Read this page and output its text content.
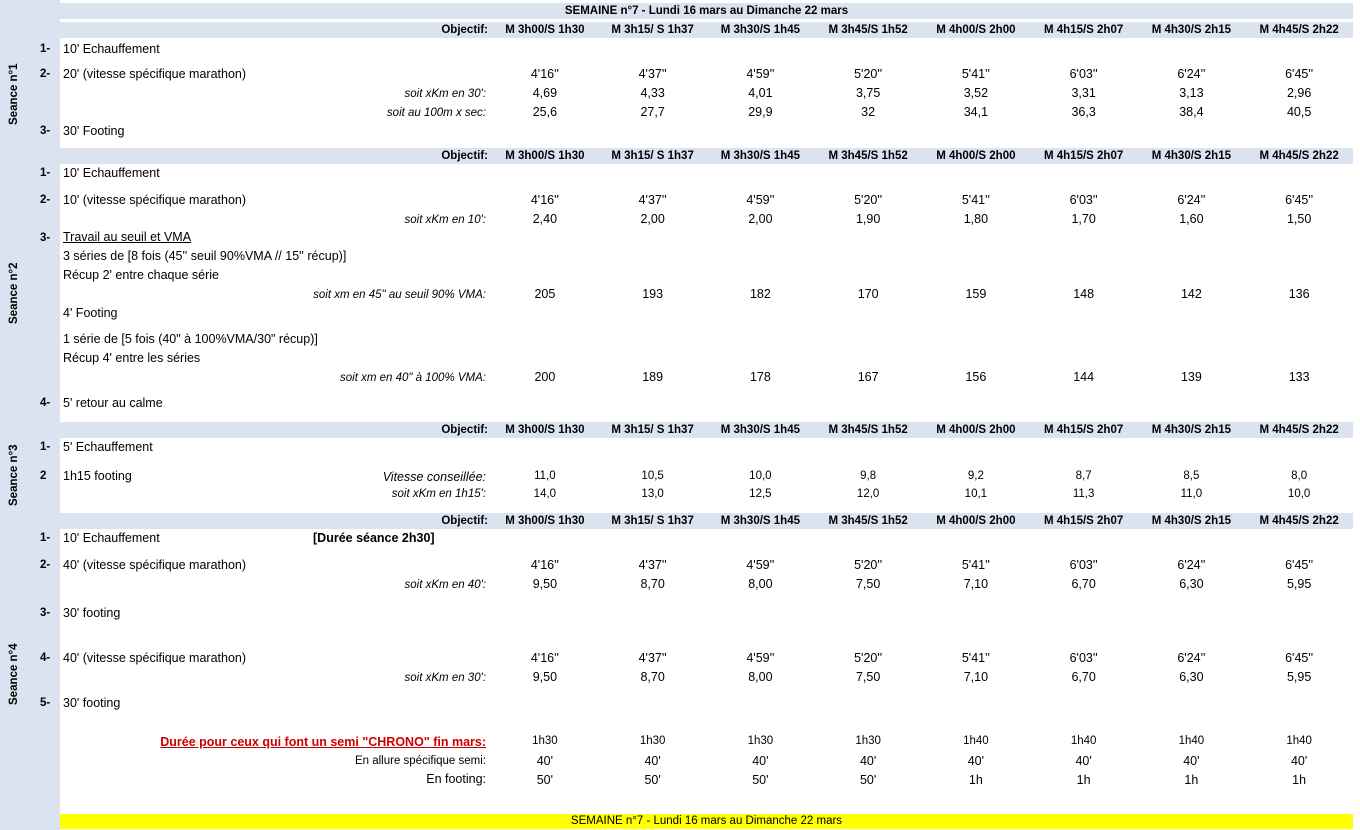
SEMAINE n°7 - Lundi 16 mars au Dimanche 22 mars
Seance n°1
Seance n°2
Seance n°3
Seance n°4
Objectif:	M 3h00/S 1h30	M 3h15/ S 1h37	M 3h30/S 1h45	M 3h45/S 1h52	M 4h00/S 2h00	M 4h15/S 2h07	M 4h30/S 2h15	M 4h45/S 2h22
1- 10' Echauffement
2- 20' (vitesse spécifique marathon)	4'16''	4'37''	4'59''	5'20''	5'41''	6'03''	6'24''	6'45''
soit xKm en 30':	4,69	4,33	4,01	3,75	3,52	3,31	3,13	2,96
soit au 100m x sec:	25,6	27,7	29,9	32	34,1	36,3	38,4	40,5
3- 30' Footing
Objectif:	M 3h00/S 1h30	M 3h15/ S 1h37	M 3h30/S 1h45	M 3h45/S 1h52	M 4h00/S 2h00	M 4h15/S 2h07	M 4h30/S 2h15	M 4h45/S 2h22
1- 10' Echauffement
2- 10' (vitesse spécifique marathon)	4'16''	4'37''	4'59''	5'20''	5'41''	6'03''	6'24''	6'45''
soit xKm en 10':	2,40	2,00	2,00	1,90	1,80	1,70	1,60	1,50
3- Travail au seuil et VMA
3 séries de [8 fois (45'' seuil 90%VMA // 15'' récup)]
Récup 2' entre chaque série
soit xm en 45" au seuil 90% VMA:	205	193	182	170	159	148	142	136
4' Footing
1 série de [5 fois (40" à 100%VMA/30" récup)]
Récup 4' entre les séries
soit xm en 40" à 100% VMA:	200	189	178	167	156	144	139	133
4- 5' retour au calme
Objectif:	M 3h00/S 1h30	M 3h15/ S 1h37	M 3h30/S 1h45	M 3h45/S 1h52	M 4h00/S 2h00	M 4h15/S 2h07	M 4h30/S 2h15	M 4h45/S 2h22
1- 5' Echauffement
2 1h15 footing	Vitesse conseillée:	11,0	10,5	10,0	9,8	9,2	8,7	8,5	8,0
soit xKm en 1h15':	14,0	13,0	12,5	12,0	10,1	11,3	11,0	10,0
Objectif:	M 3h00/S 1h30	M 3h15/ S 1h37	M 3h30/S 1h45	M 3h45/S 1h52	M 4h00/S 2h00	M 4h15/S 2h07	M 4h30/S 2h15	M 4h45/S 2h22
1- 10' Echauffement	[Durée séance 2h30]
2- 40' (vitesse spécifique marathon)	4'16''	4'37''	4'59''	5'20''	5'41''	6'03''	6'24''	6'45''
soit xKm en 40':	9,50	8,70	8,00	7,50	7,10	6,70	6,30	5,95
3- 30' footing
4- 40' (vitesse spécifique marathon)	4'16''	4'37''	4'59''	5'20''	5'41''	6'03''	6'24''	6'45''
soit xKm en 30':	9,50	8,70	8,00	7,50	7,10	6,70	6,30	5,95
5- 30' footing
Durée pour ceux qui font un semi "CHRONO" fin mars:	1h30	1h30	1h30	1h30	1h40	1h40	1h40	1h40
En allure spécifique semi:	40'	40'	40'	40'	40'	40'	40'	40'
En footing:	50'	50'	50'	50'	1h	1h	1h	1h
SEMAINE n°7 - Lundi 16 mars au Dimanche 22 mars
